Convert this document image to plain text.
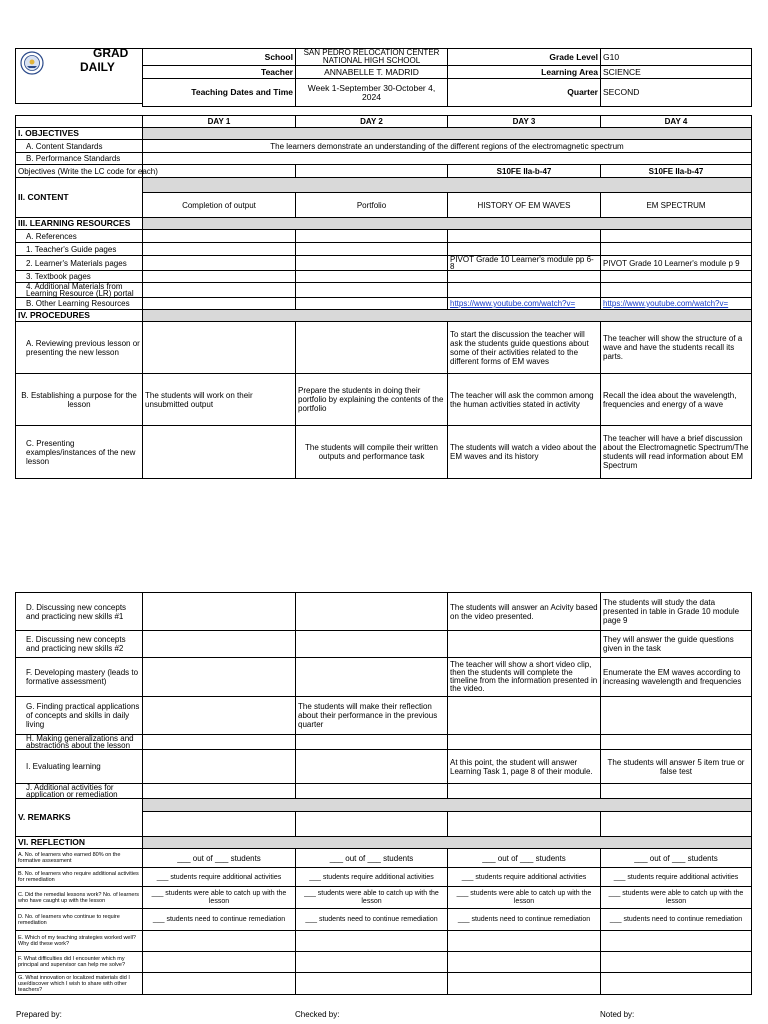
GRAD
DAILY
School	SAN PEDRO RELOCATION CENTER NATIONAL HIGH SCHOOL	Grade Level	G10
Teacher	ANNABELLE T. MADRID	Learning Area	SCIENCE
Teaching Dates and Time	Week 1-September 30-October 4, 2024	Quarter	SECOND
	DAY 1	DAY 2	DAY 3	DAY 4
I. OBJECTIVES				
A. Content Standards	The learners demonstrate an understanding of the different regions of the electromagnetic spectrum			
B. Performance Standards				
Objectives (Write the LC code for each)			S10FE IIa-b-47	S10FE IIa-b-47
II. CONTENT				
	Completion of output	Portfolio	HISTORY OF EM WAVES	EM SPECTRUM
III. LEARNING RESOURCES				
A. References				
1. Teacher's Guide pages				
2. Learner's Materials pages			PIVOT Grade 10 Learner's module pp 6-8	PIVOT Grade 10 Learner's module p 9
3. Textbook pages				
4. Additional Materials from Learning Resource (LR) portal				
B. Other Learning Resources			https://www.youtube.com/watch?v=	https://www.youtube.com/watch?v=
IV. PROCEDURES				
A. Reviewing previous lesson or presenting the new lesson			To start the discussion the teacher will ask the students guide questions about some of their activities related to the different forms of EM waves	The teacher will show the structure of a wave and have the students recall its parts.
B. Establishing a purpose for the lesson	The students will work on their unsubmitted output	Prepare the students in doing their portfolio by explaining the contents of the portfolio	The teacher will ask the common among the human activities stated in activity	Recall the idea about the wavelength, frequencies and energy of a wave
C. Presenting examples/instances of the new lesson		The students will compile their written outputs and performance task	The students will watch a video about the EM waves and its history	The teacher will have a brief discussion about the Electromagnetic Spectrum/The students will read information about EM Spectrum
D. Discussing new concepts and practicing new skills #1			The students will answer an Acivity based on the video presented.	The students will study the data presented in table in Grade 10 module page 9
E. Discussing new concepts and practicing new skills #2				They will answer the guide questions given in the task
F. Developing mastery (leads to formative assessment)			The teacher will show a short video clip, then the students will complete the timeline from the information presented in the video.	Enumerate the EM waves according to increasing wavelength and frequencies
G. Finding practical applications of concepts and skills in daily living		The students will make their reflection about their performance in the previous quarter		
H. Making generalizations and abstractions about the lesson				
I. Evaluating learning			At this point, the student will answer Learning Task 1, page 8 of their module.	The students will answer 5 item true or false test
J. Additional activities for application or remediation				
V. REMARKS				

VI. REFLECTION				
A. No. of learners who earned 80% on the formative assessment	___ out of ___ students	___ out of ___ students	___ out of ___ students	___ out of ___ students
B. No. of learners who require additional activities for remediation	___ students require additional activities	___ students require additional activities	___ students require additional activities	___ students require additional activities
C. Did the remedial lessons work? No. of learners who have caught up with the lesson	___ students were able to catch up with the lesson	___ students were able to catch up with the lesson	___ students were able to catch up with the lesson	___ students were able to catch up with the lesson
D. No. of learners who continue to require remediation	___ students need to continue remediation	___ students need to continue remediation	___ students need to continue remediation	___ students need to continue remediation
E. Which of my teaching strategies worked well? Why did these work?				
F. What difficulties did I encounter which my principal and supervisor can help me solve?				
G. What innovation or localized materials did I use/discover which I wish to share with other teachers?				
Prepared by:	Checked by:	Noted by:
